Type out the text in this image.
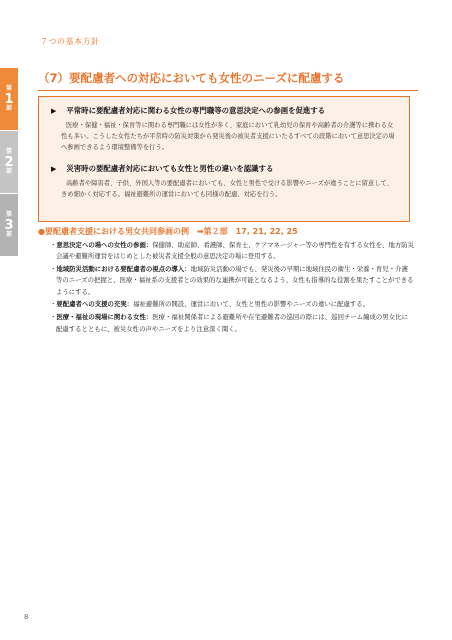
７つの基本方針
第
1
部
第
2
部
第
3
部
（7）要配慮者への対応においても女性のニーズに配慮する
▶ 平常時に要配慮者対応に関わる女性の専門職等の意思決定への参画を促進する

医療・保健・福祉・保育等に関わる専門職には女性が多く、家庭において乳幼児の保育や高齢者の介護等に携わる女性も多い。こうした女性たちが平常時の防災対策から発災後の被災者支援にいたるすべての段階において意思決定の場へ参画できるよう環境整備等を行う。

▶ 災害時の要配慮者対応においても女性と男性の違いを認識する

高齢者や障害者、子供、外国人等の要配慮者においても、女性と男性で受ける影響やニーズが違うことに留意して、きめ細かく対応する。福祉避難所の運営においても同様の配慮、対応を行う。

●要配慮者支援における男女共同参画の例　➡第２部　17, 21, 22, 25

・意思決定への場への女性の参画：保健師、助産師、看護師、保育士、ケアマネージャー等の専門性を有する女性を、地方防災会議や避難所運営をはじめとした被災者支援全般の意思決定の場に登用する。

・地域防災活動における要配慮者の視点の導入：地域防災活動の場でも、発災後の早期に地域住民の衛生・栄養・育児・介護等のニーズの把握と、医療・福祉系の支援者との効果的な連携が可能となるよう、女性も指導的な役割を果たすことができるようにする。

・要配慮者への支援の充実：福祉避難所の開設、運営において、女性と男性の影響やニーズの違いに配慮する。

・医療・福祉の現場に関わる女性：医療・福祉関係者による避難所や在宅避難者の巡回の際には、巡回チーム編成の男女比に配慮するとともに、被災女性の声やニーズをより注意深く聞く。

8
